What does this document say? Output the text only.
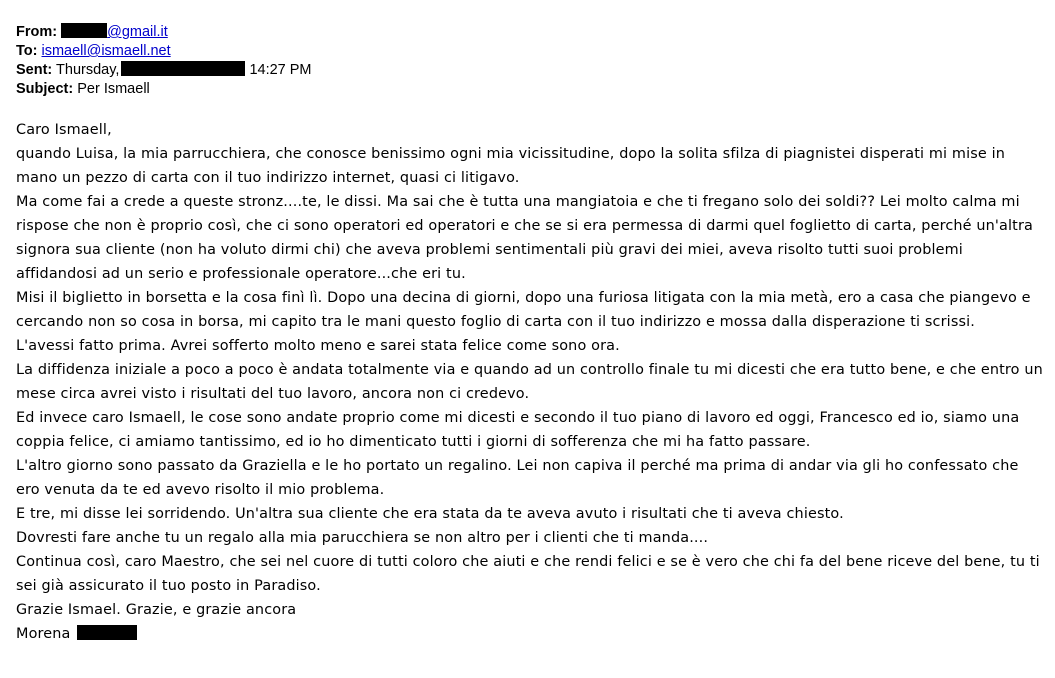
From:	@gmail.it
To: ismaell@ismaell.net
Sent: Thursday,	14:27 PM
Subject: Per Ismaell

Caro Ismaell,

quando Luisa, la mia parrucchiera, che conosce benissimo ogni mia vicissitudine, dopo la solita sfilza di piagnistei disperati mi mise in mano un pezzo di carta con il tuo indirizzo internet, quasi ci litigavo.

Ma come fai a crede a queste stronz....te, le dissi. Ma sai che è tutta una mangiatoia e che ti fregano solo dei soldi?? Lei molto calma mi rispose che non è proprio così, che ci sono operatori ed operatori e che se si era permessa di darmi quel foglietto di carta, perché un'altra signora sua cliente (non ha voluto dirmi chi) che aveva problemi sentimentali più gravi dei miei, aveva risolto tutti suoi problemi affidandosi ad un serio e professionale operatore...che eri tu.

Misi il biglietto in borsetta e la cosa finì lì. Dopo una decina di giorni, dopo una furiosa litigata con la mia metà, ero a casa che piangevo e cercando non so cosa in borsa, mi capito tra le mani questo foglio di carta con il tuo indirizzo e mossa dalla disperazione ti scrissi.

L'avessi fatto prima. Avrei sofferto molto meno e sarei stata felice come sono ora.

La diffidenza iniziale a poco a poco è andata totalmente via e quando ad un controllo finale tu mi dicesti che era tutto bene, e che entro un mese circa avrei visto i risultati del tuo lavoro, ancora non ci credevo.

Ed invece caro Ismaell, le cose sono andate proprio come mi dicesti e secondo il tuo piano di lavoro ed oggi, Francesco ed io, siamo una coppia felice, ci amiamo tantissimo, ed io ho dimenticato tutti i giorni di sofferenza che mi ha fatto passare.

L'altro giorno sono passato da Graziella e le ho portato un regalino. Lei non capiva il perché ma prima di andar via gli ho confessato che ero venuta da te ed avevo risolto il mio problema.

E tre, mi disse lei sorridendo. Un'altra sua cliente che era stata da te aveva avuto i risultati che ti aveva chiesto.

Dovresti fare anche tu un regalo alla mia parucchiera se non altro per i clienti che ti manda....

Continua così, caro Maestro, che sei nel cuore di tutti coloro che aiuti e che rendi felici e se è vero che chi fa del bene riceve del bene, tu ti sei già assicurato il tuo posto in Paradiso.

Grazie Ismael. Grazie, e grazie ancora

Morena
